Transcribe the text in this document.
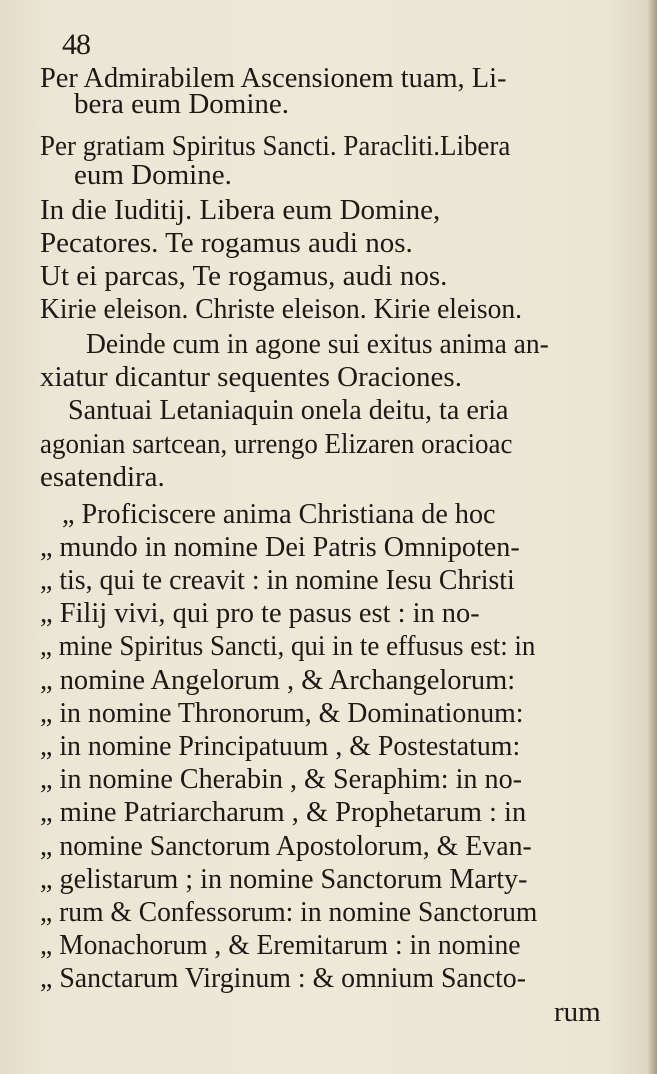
48
Per Admirabilem Ascensionem tuam, Li-
bera eum Domine.
Per gratiam Spiritus Sancti. Paracliti.Libera
eum Domine.
In die Iuditij. Libera eum Domine,
Pecatores. Te rogamus audi nos.
Ut ei parcas, Te rogamus, audi nos.
Kirie eleison. Christe eleison. Kirie eleison.
Deinde cum in agone sui exitus anima an-
xiatur dicantur sequentes Oraciones.
Santuai Letaniaquin onela deitu, ta eria
agonian sartcean, urrengo Elizaren oracioac
esatendira.
„ Proficiscere anima Christiana de hoc
„ mundo in nomine Dei Patris Omnipoten-
„ tis, qui te creavit : in nomine Iesu Christi
„ Filij vivi, qui pro te pasus est : in no-
„ mine Spiritus Sancti, qui in te effusus est: in
„ nomine Angelorum , & Archangelorum:
„ in nomine Thronorum, & Dominationum:
„ in nomine Principatuum , & Postestatum:
„ in nomine Cherabin , & Seraphim: in no-
„ mine Patriarcharum , & Prophetarum : in
„ nomine Sanctorum Apostolorum, & Evan-
„ gelistarum ; in nomine Sanctorum Marty-
„ rum & Confessorum: in nomine Sanctorum
„ Monachorum , & Eremitarum : in nomine
„ Sanctarum Virginum : & omnium Sancto-
rum
